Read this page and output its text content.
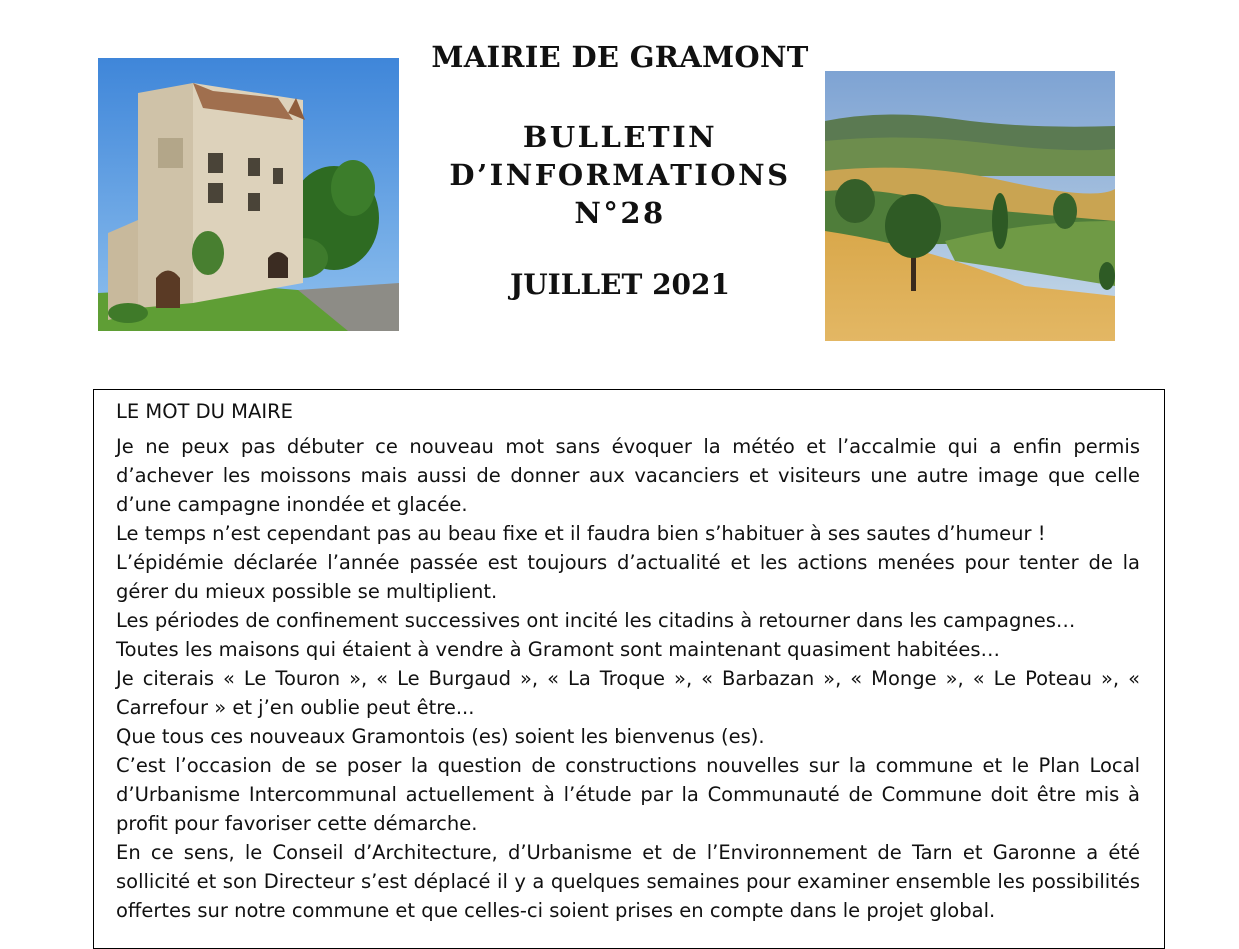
MAIRIE DE GRAMONT
BULLETIN
D’INFORMATIONS
N°28
JUILLET 2021
LE MOT DU MAIRE

Je ne peux pas débuter ce nouveau mot sans évoquer la météo et l’accalmie qui a enfin permis d’achever les moissons mais aussi de donner aux vacanciers et visiteurs une autre image que celle d’une campagne inondée et glacée.

Le temps n’est cependant pas au beau fixe et il faudra bien s’habituer à ses sautes d’humeur !

L’épidémie déclarée l’année passée est toujours d’actualité et les actions menées pour tenter de la gérer du mieux possible se multiplient.

Les périodes de confinement successives ont incité les citadins à retourner dans les campagnes…

Toutes les maisons qui étaient à vendre à Gramont sont maintenant quasiment habitées…

Je citerais « Le Touron », « Le Burgaud », « La Troque », « Barbazan », « Monge », « Le Poteau », « Carrefour » et j’en oublie peut être...

Que tous ces nouveaux Gramontois (es) soient les bienvenus (es).

C’est l’occasion de se poser la question de constructions nouvelles sur la commune et le Plan Local d’Urbanisme Intercommunal actuellement à l’étude par la Communauté de Commune doit être mis à profit pour favoriser cette démarche.

En ce sens, le Conseil d’Architecture, d’Urbanisme et de l’Environnement de Tarn et Garonne a été sollicité et son Directeur s’est déplacé il y a quelques semaines pour examiner ensemble les possibilités offertes sur notre commune et que celles-ci soient prises en compte dans le projet global.
